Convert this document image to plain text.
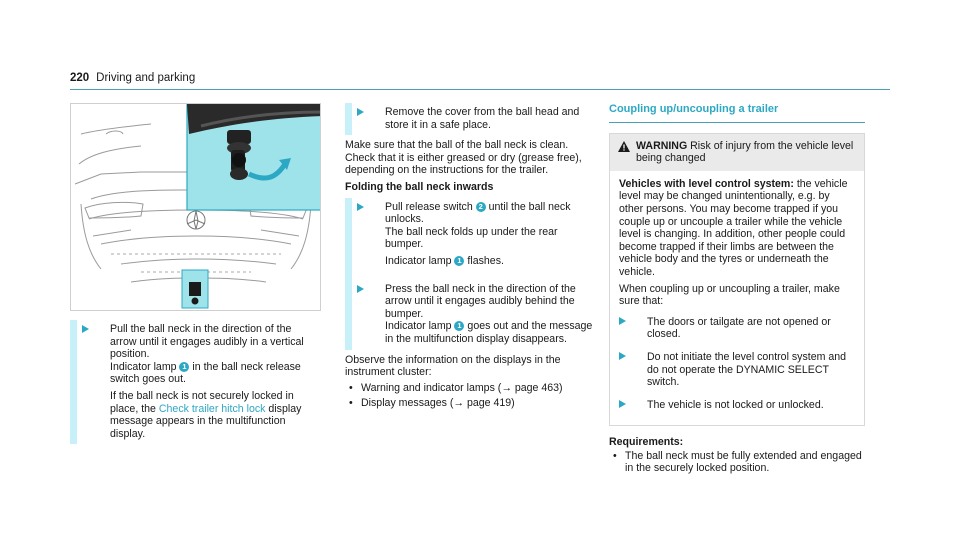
220 Driving and parking

Pull the ball neck in the direction of the arrow until it engages audibly in a vertical position.

Indicator lamp 1 in the ball neck release switch goes out.

If the ball neck is not securely locked in place, the Check trailer hitch lock display message appears in the multifunction display.

Remove the cover from the ball head and store it in a safe place.

Make sure that the ball of the ball neck is clean. Check that it is either greased or dry (grease free), depending on the instructions for the trailer.

Folding the ball neck inwards

Pull release switch 2 until the ball neck unlocks.

The ball neck folds up under the rear bumper.

Indicator lamp 1 flashes.

Press the ball neck in the direction of the arrow until it engages audibly behind the bumper.

Indicator lamp 1 goes out and the message in the multifunction display disappears.

Observe the information on the displays in the instrument cluster:

• Warning and indicator lamps (→ page 463)
• Display messages (→ page 419)
Coupling up/uncoupling a trailer
WARNING Risk of injury from the vehicle level being changed

Vehicles with level control system: the vehicle level may be changed unintentionally, e.g. by other persons. You may become trapped if you couple up or uncouple a trailer while the vehicle level is changing. In addition, other people could become trapped if their limbs are between the vehicle body and the tyres or underneath the vehicle.

When coupling up or uncoupling a trailer, make sure that:

The doors or tailgate are not opened or closed.

Do not initiate the level control system and do not operate the DYNAMIC SELECT switch.

The vehicle is not locked or unlocked.

Requirements:

• The ball neck must be fully extended and engaged in the securely locked position.
